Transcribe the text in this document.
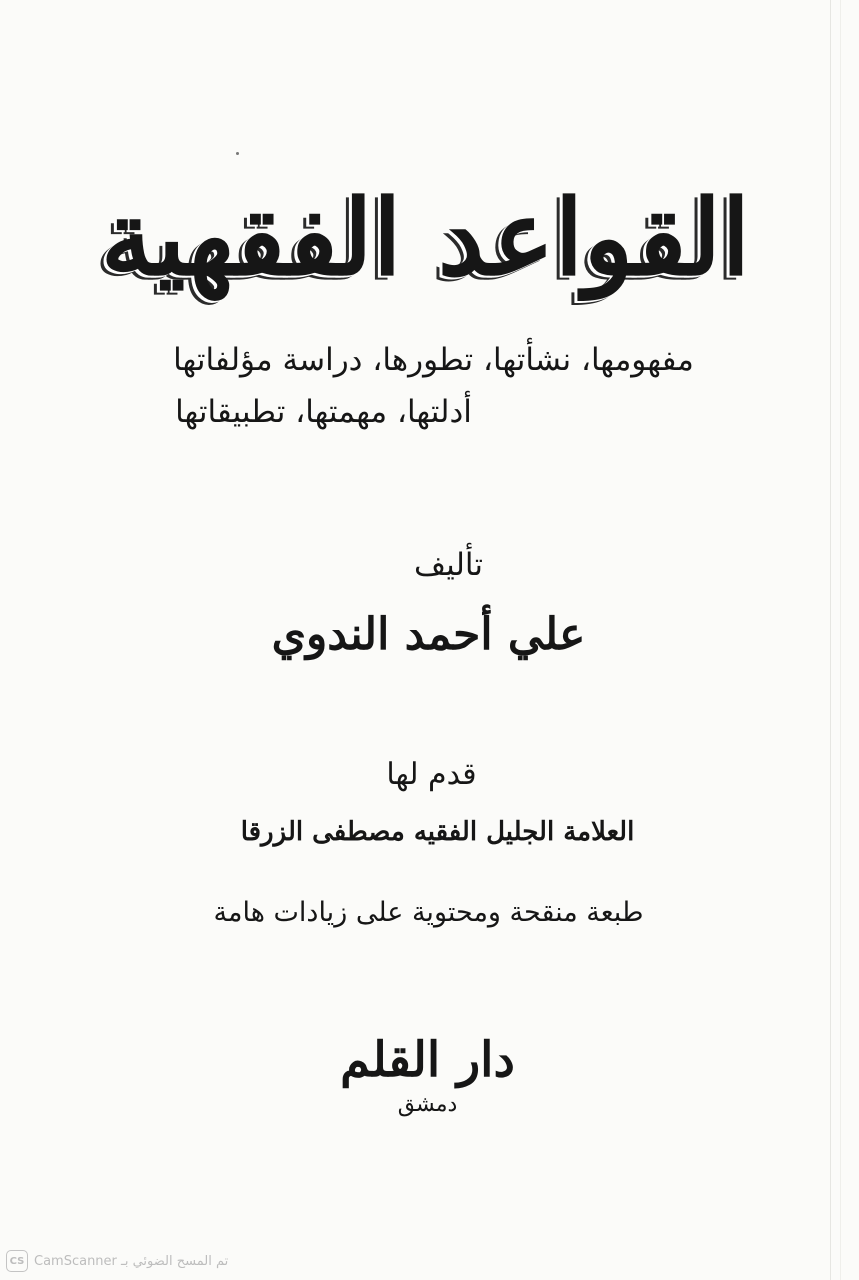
القواعد الفقهية
مفهومها، نشأتها، تطورها، دراسة مؤلفاتها
أدلتها، مهمتها، تطبيقاتها
تأليف
علي أحمد الندوي
قدم لها
العلامة الجليل الفقيه مصطفى الزرقا
طبعة منقحة ومحتوية على زيادات هامة
دار القلم
دمشق
CS تم المسح الضوئي بـ CamScanner
